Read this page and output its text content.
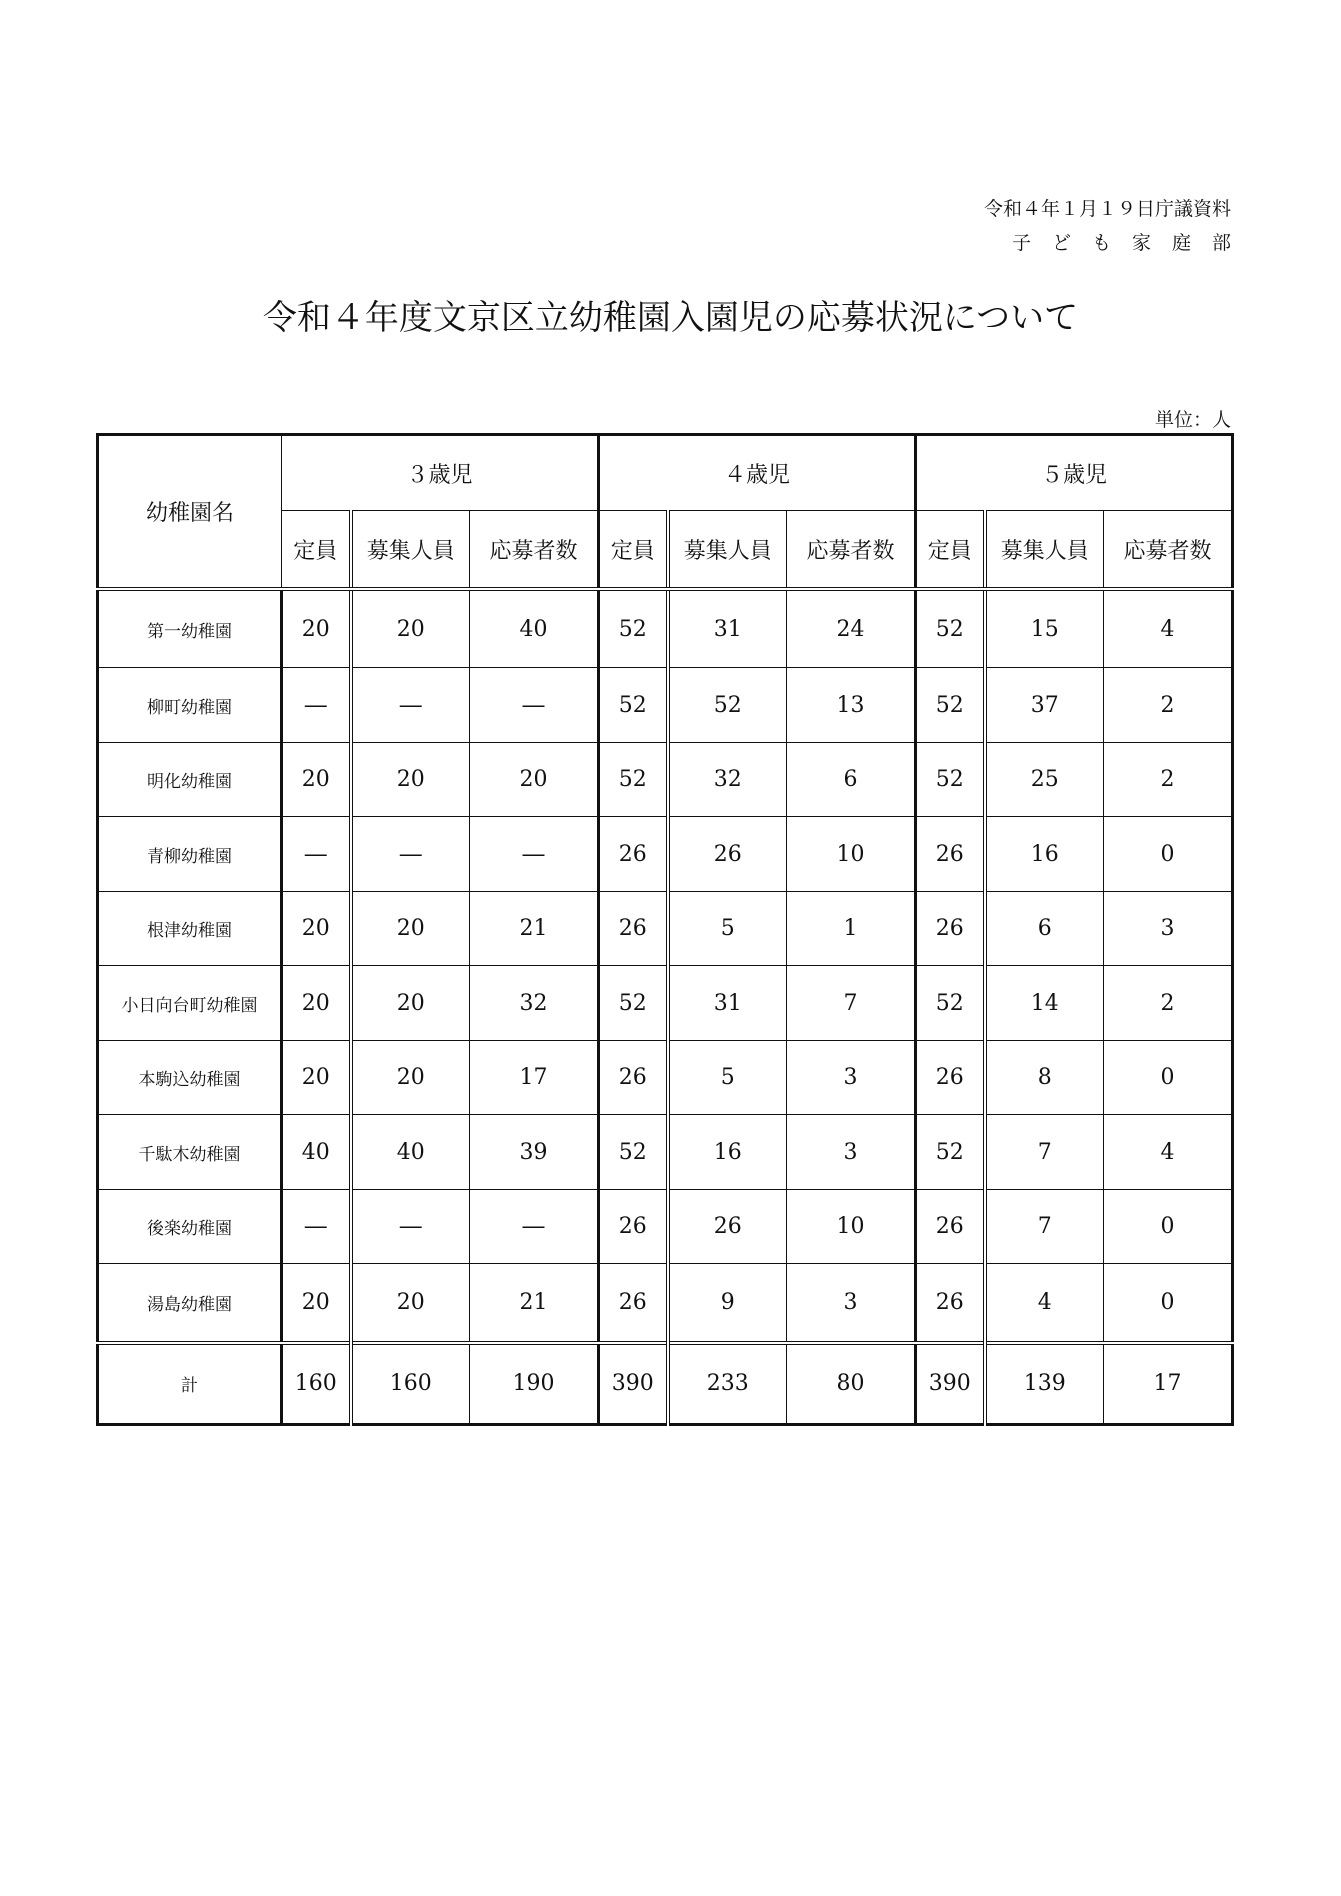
令和４年１月１９日庁議資料
子ども家庭部
令和４年度文京区立幼稚園入園児の応募状況について
単位：人
幼稚園名	３歳児			４歳児			５歳児		
	定員	募集人員	応募者数	定員	募集人員	応募者数	定員	募集人員	応募者数
第一幼稚園	20	20	40	52	31	24	52	15	4
柳町幼稚園	―	―	―	52	52	13	52	37	2
明化幼稚園	20	20	20	52	32	6	52	25	2
青柳幼稚園	―	―	―	26	26	10	26	16	0
根津幼稚園	20	20	21	26	5	1	26	6	3
小日向台町幼稚園	20	20	32	52	31	7	52	14	2
本駒込幼稚園	20	20	17	26	5	3	26	8	0
千駄木幼稚園	40	40	39	52	16	3	52	7	4
後楽幼稚園	―	―	―	26	26	10	26	7	0
湯島幼稚園	20	20	21	26	9	3	26	4	0
計	160	160	190	390	233	80	390	139	17
